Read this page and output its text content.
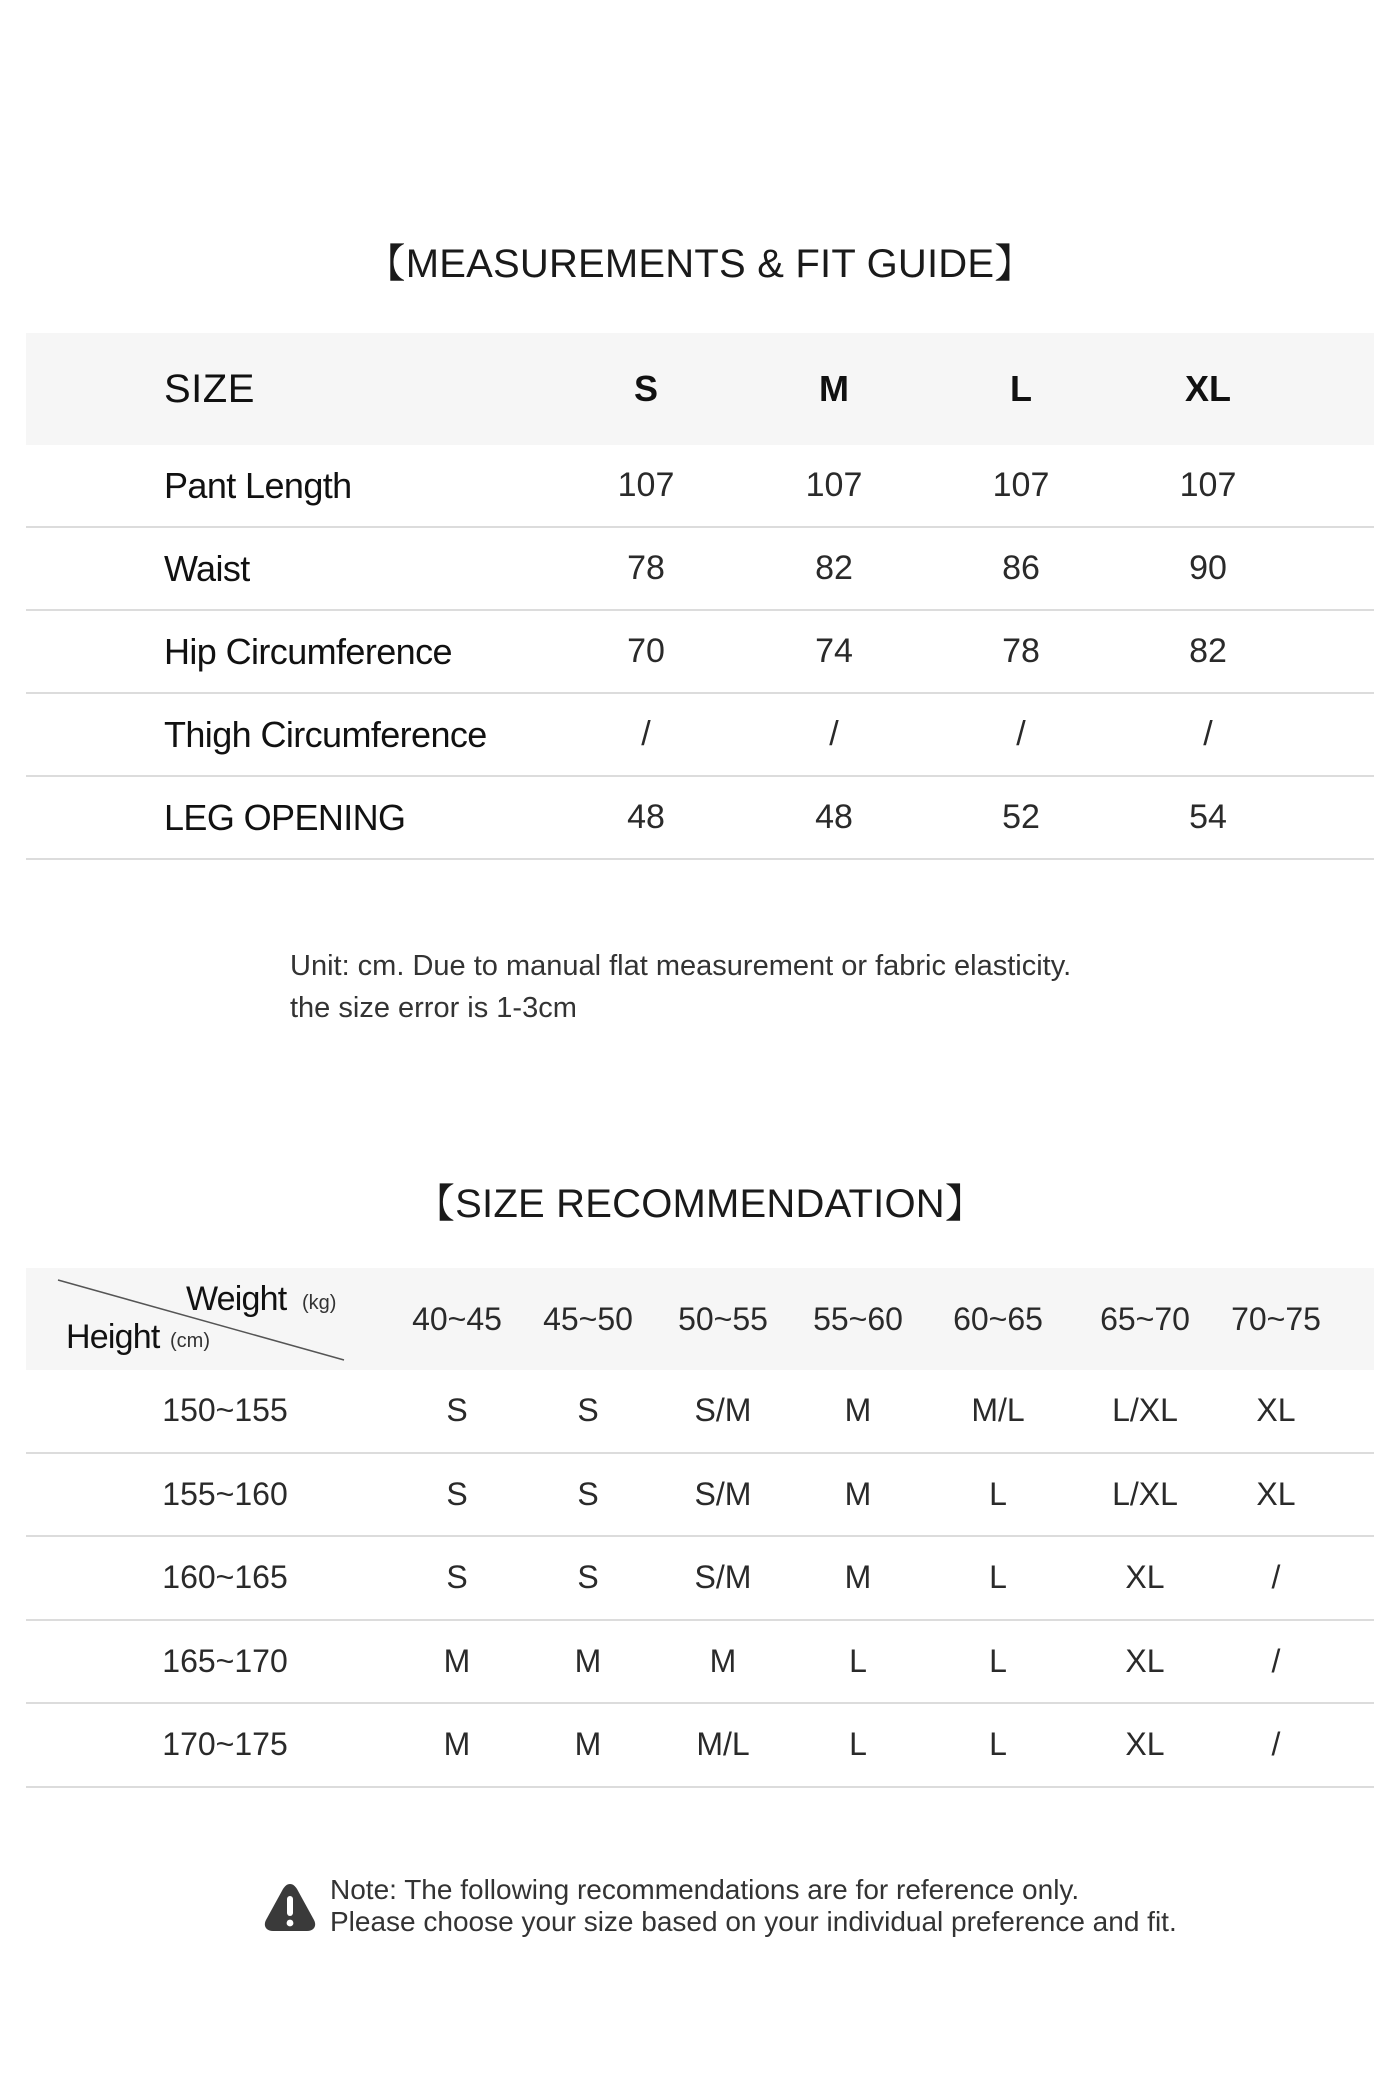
【MEASUREMENTS & FIT GUIDE】
SIZE	S	M	L	XL
Pant Length	107	107	107	107
Waist	78	82	86	90
Hip Circumference	70	74	78	82
Thigh Circumference	/	/	/	/
LEG OPENING	48	48	52	54
Unit: cm. Due to manual flat measurement or fabric elasticity.
the size error is 1-3cm
【SIZE RECOMMENDATION】
Weight (kg)
Height (cm)
40~45	45~50	50~55	55~60	60~65	65~70	70~75
150~155	S	S	S/M	M	M/L	L/XL	XL
155~160	S	S	S/M	M	L	L/XL	XL
160~165	S	S	S/M	M	L	XL	/
165~170	M	M	M	L	L	XL	/
170~175	M	M	M/L	L	L	XL	/
Note: The following recommendations are for reference only.
Please choose your size based on your individual preference and fit.
